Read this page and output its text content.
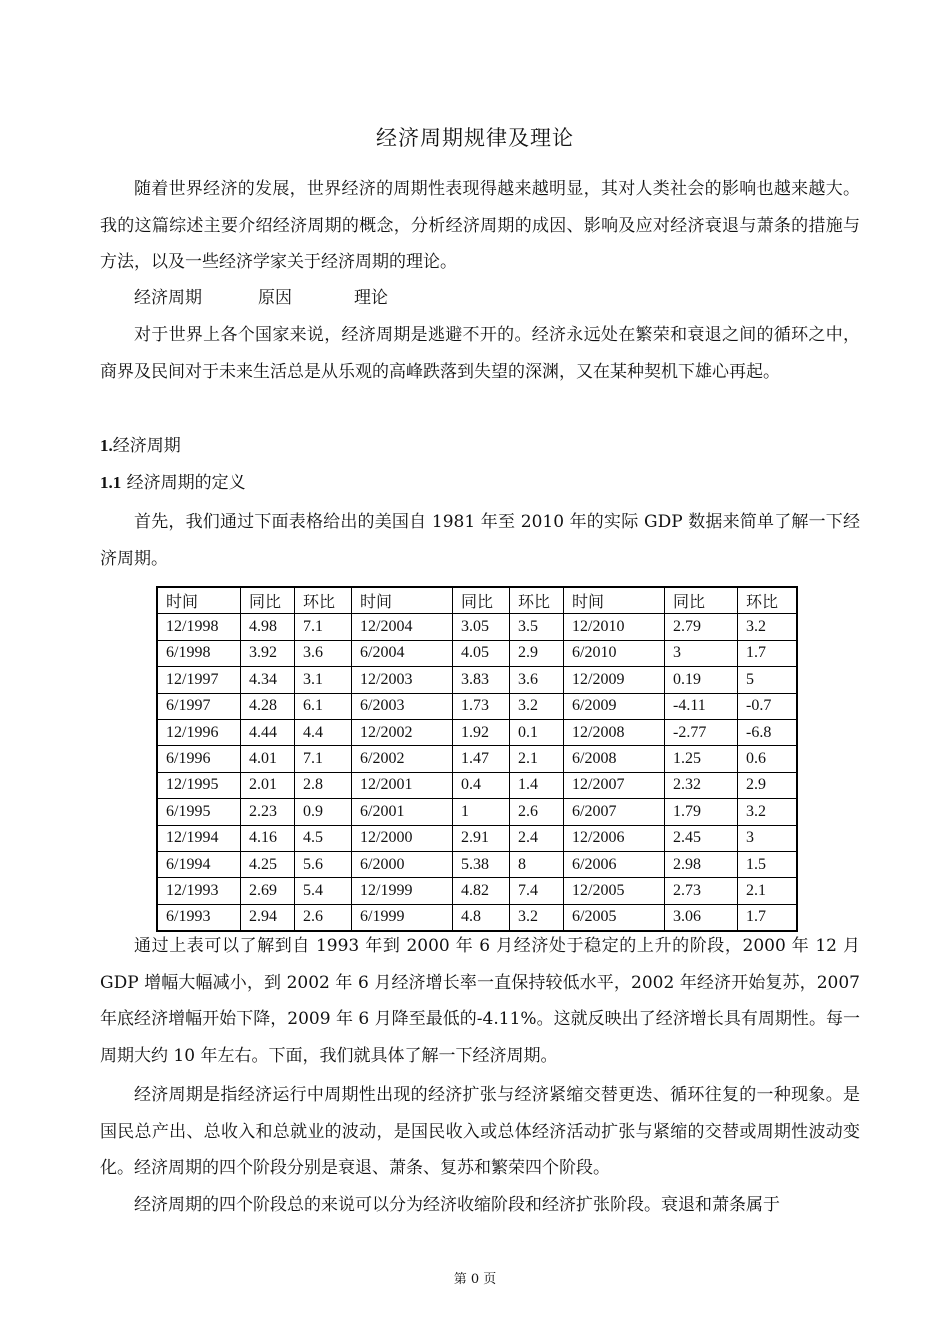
经济周期规律及理论

随着世界经济的发展，世界经济的周期性表现得越来越明显，其对人类社会的影响也越来越大。我的这篇综述主要介绍经济周期的概念，分析经济周期的成因、影响及应对经济衰退与萧条的措施与方法，以及一些经济学家关于经济周期的理论。

经济周期	原因	理论

对于世界上各个国家来说，经济周期是逃避不开的。经济永远处在繁荣和衰退之间的循环之中，商界及民间对于未来生活总是从乐观的高峰跌落到失望的深渊，又在某种契机下雄心再起。

1.经济周期
1.1 经济周期的定义

首先，我们通过下面表格给出的美国自 1981 年至 2010 年的实际 GDP 数据来简单了解一下经济周期。

时间	同比	环比	时间	同比	环比	时间	同比	环比
12/1998	4.98	7.1	12/2004	3.05	3.5	12/2010	2.79	3.2
6/1998	3.92	3.6	6/2004	4.05	2.9	6/2010	3	1.7
12/1997	4.34	3.1	12/2003	3.83	3.6	12/2009	0.19	5
6/1997	4.28	6.1	6/2003	1.73	3.2	6/2009	-4.11	-0.7
12/1996	4.44	4.4	12/2002	1.92	0.1	12/2008	-2.77	-6.8
6/1996	4.01	7.1	6/2002	1.47	2.1	6/2008	1.25	0.6
12/1995	2.01	2.8	12/2001	0.4	1.4	12/2007	2.32	2.9
6/1995	2.23	0.9	6/2001	1	2.6	6/2007	1.79	3.2
12/1994	4.16	4.5	12/2000	2.91	2.4	12/2006	2.45	3
6/1994	4.25	5.6	6/2000	5.38	8	6/2006	2.98	1.5
12/1993	2.69	5.4	12/1999	4.82	7.4	12/2005	2.73	2.1
6/1993	2.94	2.6	6/1999	4.8	3.2	6/2005	3.06	1.7

通过上表可以了解到自 1993 年到 2000 年 6 月经济处于稳定的上升的阶段，2000 年 12 月 GDP 增幅大幅减小，到 2002 年 6 月经济增长率一直保持较低水平，2002 年经济开始复苏，2007 年底经济增幅开始下降，2009 年 6 月降至最低的-4.11%。这就反映出了经济增长具有周期性。每一周期大约 10 年左右。下面，我们就具体了解一下经济周期。

经济周期是指经济运行中周期性出现的经济扩张与经济紧缩交替更迭、循环往复的一种现象。是国民总产出、总收入和总就业的波动，是国民收入或总体经济活动扩张与紧缩的交替或周期性波动变化。经济周期的四个阶段分别是衰退、萧条、复苏和繁荣四个阶段。

经济周期的四个阶段总的来说可以分为经济收缩阶段和经济扩张阶段。衰退和萧条属于

第 0 页
